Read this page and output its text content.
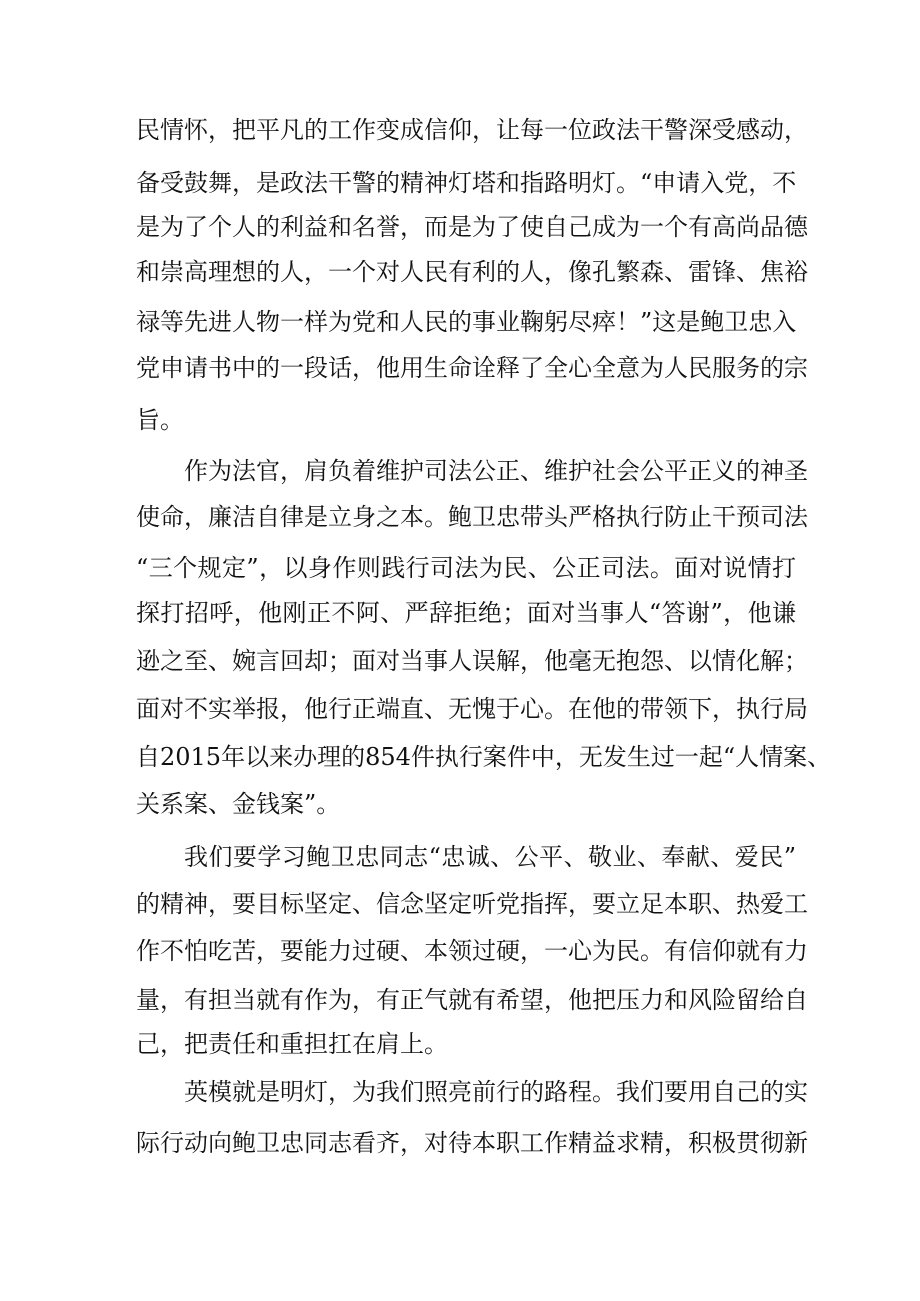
民情怀，把平凡的工作变成信仰，让每一位政法干警深受感动，
备受鼓舞，是政法干警的精神灯塔和指路明灯。“申请入党，不
是为了个人的利益和名誉，而是为了使自己成为一个有高尚品德
和崇高理想的人，一个对人民有利的人，像孔繁森、雷锋、焦裕
禄等先进人物一样为党和人民的事业鞠躬尽瘁！”这是鲍卫忠入
党申请书中的一段话，他用生命诠释了全心全意为人民服务的宗
旨。
作为法官，肩负着维护司法公正、维护社会公平正义的神圣
使命，廉洁自律是立身之本。鲍卫忠带头严格执行防止干预司法
“三个规定”，以身作则践行司法为民、公正司法。面对说情打
探打招呼，他刚正不阿、严辞拒绝；面对当事人“答谢”，他谦
逊之至、婉言回却；面对当事人误解，他毫无抱怨、以情化解；
面对不实举报，他行正端直、无愧于心。在他的带领下，执行局
自2015年以来办理的854件执行案件中，无发生过一起“人情案、
关系案、金钱案”。
我们要学习鲍卫忠同志“忠诚、公平、敬业、奉献、爱民”
的精神，要目标坚定、信念坚定听党指挥，要立足本职、热爱工
作不怕吃苦，要能力过硬、本领过硬，一心为民。有信仰就有力
量，有担当就有作为，有正气就有希望，他把压力和风险留给自
己，把责任和重担扛在肩上。
英模就是明灯，为我们照亮前行的路程。我们要用自己的实
际行动向鲍卫忠同志看齐，对待本职工作精益求精，积极贯彻新
